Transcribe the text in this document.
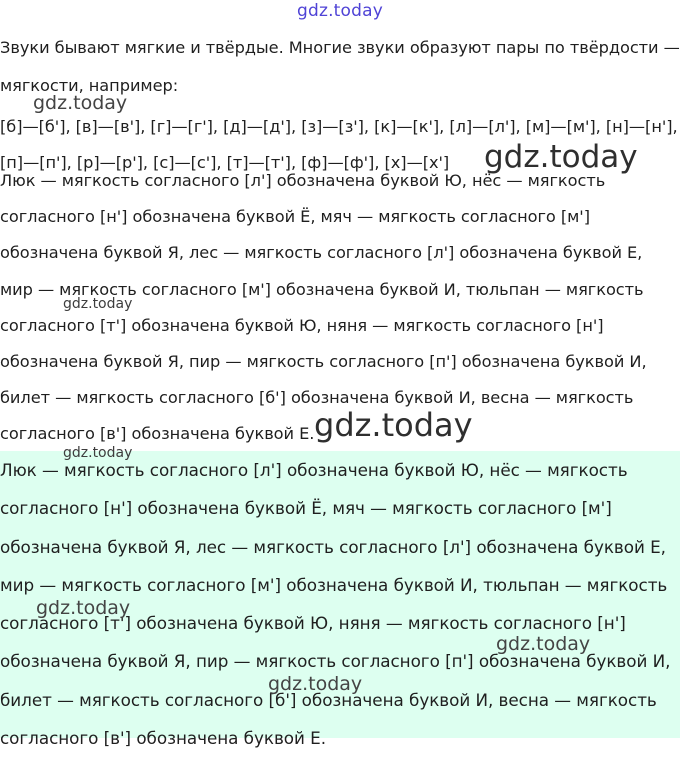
gdz.today

Звуки бывают мягкие и твёрдые. Многие звуки образуют пары по твёрдости — мягкости, например:

[б]—[б'], [в]—[в'], [г]—[г'], [д]—[д'], [з]—[з'], [к]—[к'], [л]—[л'], [м]—[м'], [н]—[н'], [п]—[п'], [р]—[р'], [с]—[с'], [т]—[т'], [ф]—[ф'], [х]—[х']

Люк — мягкость согласного [л'] обозначена буквой Ю, нёс — мягкость согласного [н'] обозначена буквой Ё, мяч — мягкость согласного [м'] обозначена буквой Я, лес — мягкость согласного [л'] обозначена буквой Е, мир — мягкость согласного [м'] обозначена буквой И, тюльпан — мягкость согласного [т'] обозначена буквой Ю, няня — мягкость согласного [н'] обозначена буквой Я, пир — мягкость согласного [п'] обозначена буквой И, билет — мягкость согласного [б'] обозначена буквой И, весна — мягкость согласного [в'] обозначена буквой Е.

Люк — мягкость согласного [л'] обозначена буквой Ю, нёс — мягкость согласного [н'] обозначена буквой Ё, мяч — мягкость согласного [м'] обозначена буквой Я, лес — мягкость согласного [л'] обозначена буквой Е, мир — мягкость согласного [м'] обозначена буквой И, тюльпан — мягкость согласного [т'] обозначена буквой Ю, няня — мягкость согласного [н'] обозначена буквой Я, пир — мягкость согласного [п'] обозначена буквой И, билет — мягкость согласного [б'] обозначена буквой И, весна — мягкость согласного [в'] обозначена буквой Е.

gdz.today
gdz.today
gdz.today
gdz.today
gdz.today
gdz.today
gdz.today
gdz.today
